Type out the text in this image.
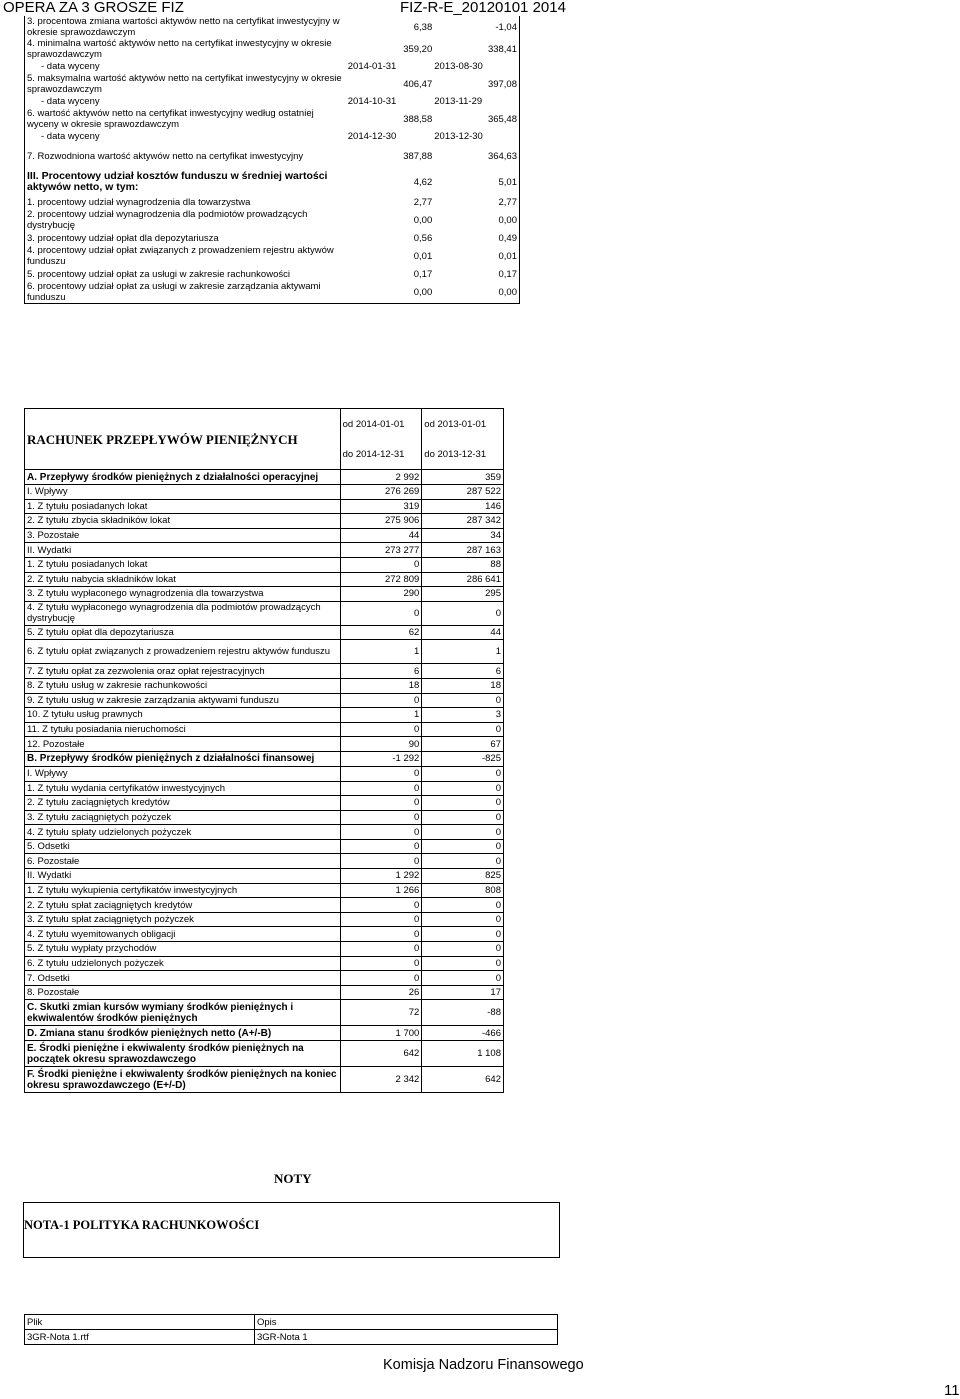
OPERA ZA 3 GROSZE FIZ	FIZ-R-E_20120101 2014
3. procentowa zmiana wartości aktywów netto na certyfikat inwestycyjny w okresie sprawozdawczym	6,38	-1,04
4. minimalna wartość aktywów netto na certyfikat inwestycyjny w okresie sprawozdawczym	359,20	338,41
- data wyceny	2014-01-31	2013-08-30
5. maksymalna wartość aktywów netto na certyfikat inwestycyjny w okresie sprawozdawczym	406,47	397,08
- data wyceny	2014-10-31	2013-11-29
6. wartość aktywów netto na certyfikat inwestycyjny według ostatniej wyceny w okresie sprawozdawczym	388,58	365,48
- data wyceny	2014-12-30	2013-12-30
7. Rozwodniona wartość aktywów netto na certyfikat inwestycyjny	387,88	364,63
III. Procentowy udział kosztów funduszu w średniej wartości aktywów netto, w tym:	4,62	5,01
1. procentowy udział wynagrodzenia dla towarzystwa	2,77	2,77
2. procentowy udział wynagrodzenia dla podmiotów prowadzących dystrybucję	0,00	0,00
3. procentowy udział opłat dla depozytariusza	0,56	0,49
4. procentowy udział opłat związanych z prowadzeniem rejestru aktywów funduszu	0,01	0,01
5. procentowy udział opłat za usługi w zakresie rachunkowości	0,17	0,17
6. procentowy udział opłat za usługi w zakresie zarządzania aktywami funduszu	0,00	0,00
RACHUNEK PRZEPŁYWÓW PIENIĘŻNYCH	od 2014-01-01	od 2013-01-01
	do 2014-12-31	do 2013-12-31
A. Przepływy środków pieniężnych z działalności operacyjnej	2 992	359
I. Wpływy	276 269	287 522
1. Z tytułu posiadanych lokat	319	146
2. Z tytułu zbycia składników lokat	275 906	287 342
3. Pozostałe	44	34
II. Wydatki	273 277	287 163
1. Z tytułu posiadanych lokat	0	88
2. Z tytułu nabycia składników lokat	272 809	286 641
3. Z tytułu wypłaconego wynagrodzenia dla towarzystwa	290	295
4. Z tytułu wypłaconego wynagrodzenia dla podmiotów prowadzących dystrybucję	0	0
5. Z tytułu opłat dla depozytariusza	62	44
6. Z tytułu opłat związanych z prowadzeniem rejestru aktywów funduszu	1	1
7. Z tytułu opłat za zezwolenia oraz opłat rejestracyjnych	6	6
8. Z tytułu usług w zakresie rachunkowości	18	18
9. Z tytułu usług w zakresie zarządzania aktywami funduszu	0	0
10. Z tytułu usług prawnych	1	3
11. Z tytułu posiadania nieruchomości	0	0
12. Pozostałe	90	67
B. Przepływy środków pieniężnych z działalności finansowej	-1 292	-825
I. Wpływy	0	0
1. Z tytułu wydania certyfikatów inwestycyjnych	0	0
2. Z tytułu zaciągniętych kredytów	0	0
3. Z tytułu zaciągniętych pożyczek	0	0
4. Z tytułu spłaty udzielonych pożyczek	0	0
5. Odsetki	0	0
6. Pozostałe	0	0
II. Wydatki	1 292	825
1. Z tytułu wykupienia certyfikatów inwestycyjnych	1 266	808
2. Z tytułu spłat zaciągniętych kredytów	0	0
3. Z tytułu spłat zaciągniętych pożyczek	0	0
4. Z tytułu wyemitowanych obligacji	0	0
5. Z tytułu wypłaty przychodów	0	0
6. Z tytułu udzielonych pożyczek	0	0
7. Odsetki	0	0
8. Pozostałe	26	17
C. Skutki zmian kursów wymiany środków pieniężnych i ekwiwalentów środków pieniężnych	72	-88
D. Zmiana stanu środków pieniężnych netto (A+/-B)	1 700	-466
E. Środki pieniężne i ekwiwalenty środków pieniężnych na początek okresu sprawozdawczego	642	1 108
F. Środki pieniężne i ekwiwalenty środków pieniężnych na koniec okresu sprawozdawczego (E+/-D)	2 342	642
NOTY
NOTA-1 POLITYKA RACHUNKOWOŚCI
Plik	Opis
3GR-Nota 1.rtf	3GR-Nota 1
Komisja Nadzoru Finansowego
11
